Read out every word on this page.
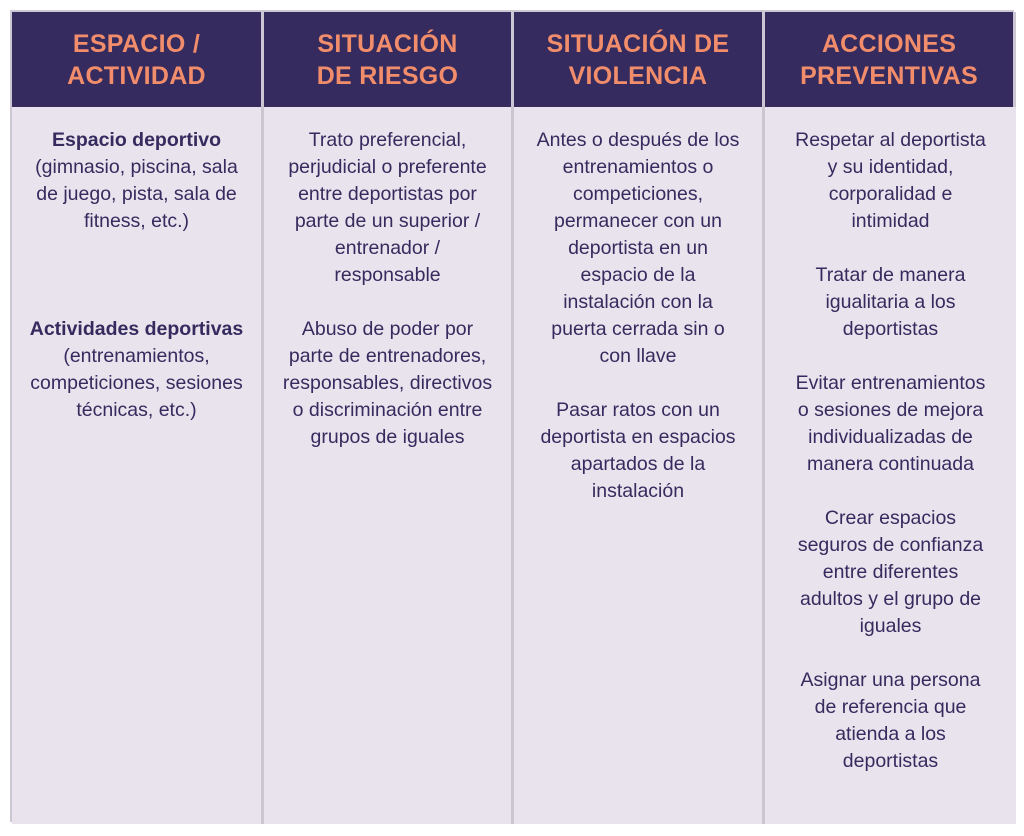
ESPACIO /
ACTIVIDAD
SITUACIÓN
DE RIESGO
SITUACIÓN DE
VIOLENCIA
ACCIONES
PREVENTIVAS

Espacio deportivo
(gimnasio, piscina, sala
de juego, pista, sala de
fitness, etc.)

Actividades deportivas
(entrenamientos,
competiciones, sesiones
técnicas, etc.)

Trato preferencial,
perjudicial o preferente
entre deportistas por
parte de un superior /
entrenador /
responsable

Abuso de poder por
parte de entrenadores,
responsables, directivos
o discriminación entre
grupos de iguales

Antes o después de los
entrenamientos o
competiciones,
permanecer con un
deportista en un
espacio de la
instalación con la
puerta cerrada sin o
con llave

Pasar ratos con un
deportista en espacios
apartados de la
instalación

Respetar al deportista
y su identidad,
corporalidad e
intimidad

Tratar de manera
igualitaria a los
deportistas

Evitar entrenamientos
o sesiones de mejora
individualizadas de
manera continuada

Crear espacios
seguros de confianza
entre diferentes
adultos y el grupo de
iguales

Asignar una persona
de referencia que
atienda a los
deportistas
